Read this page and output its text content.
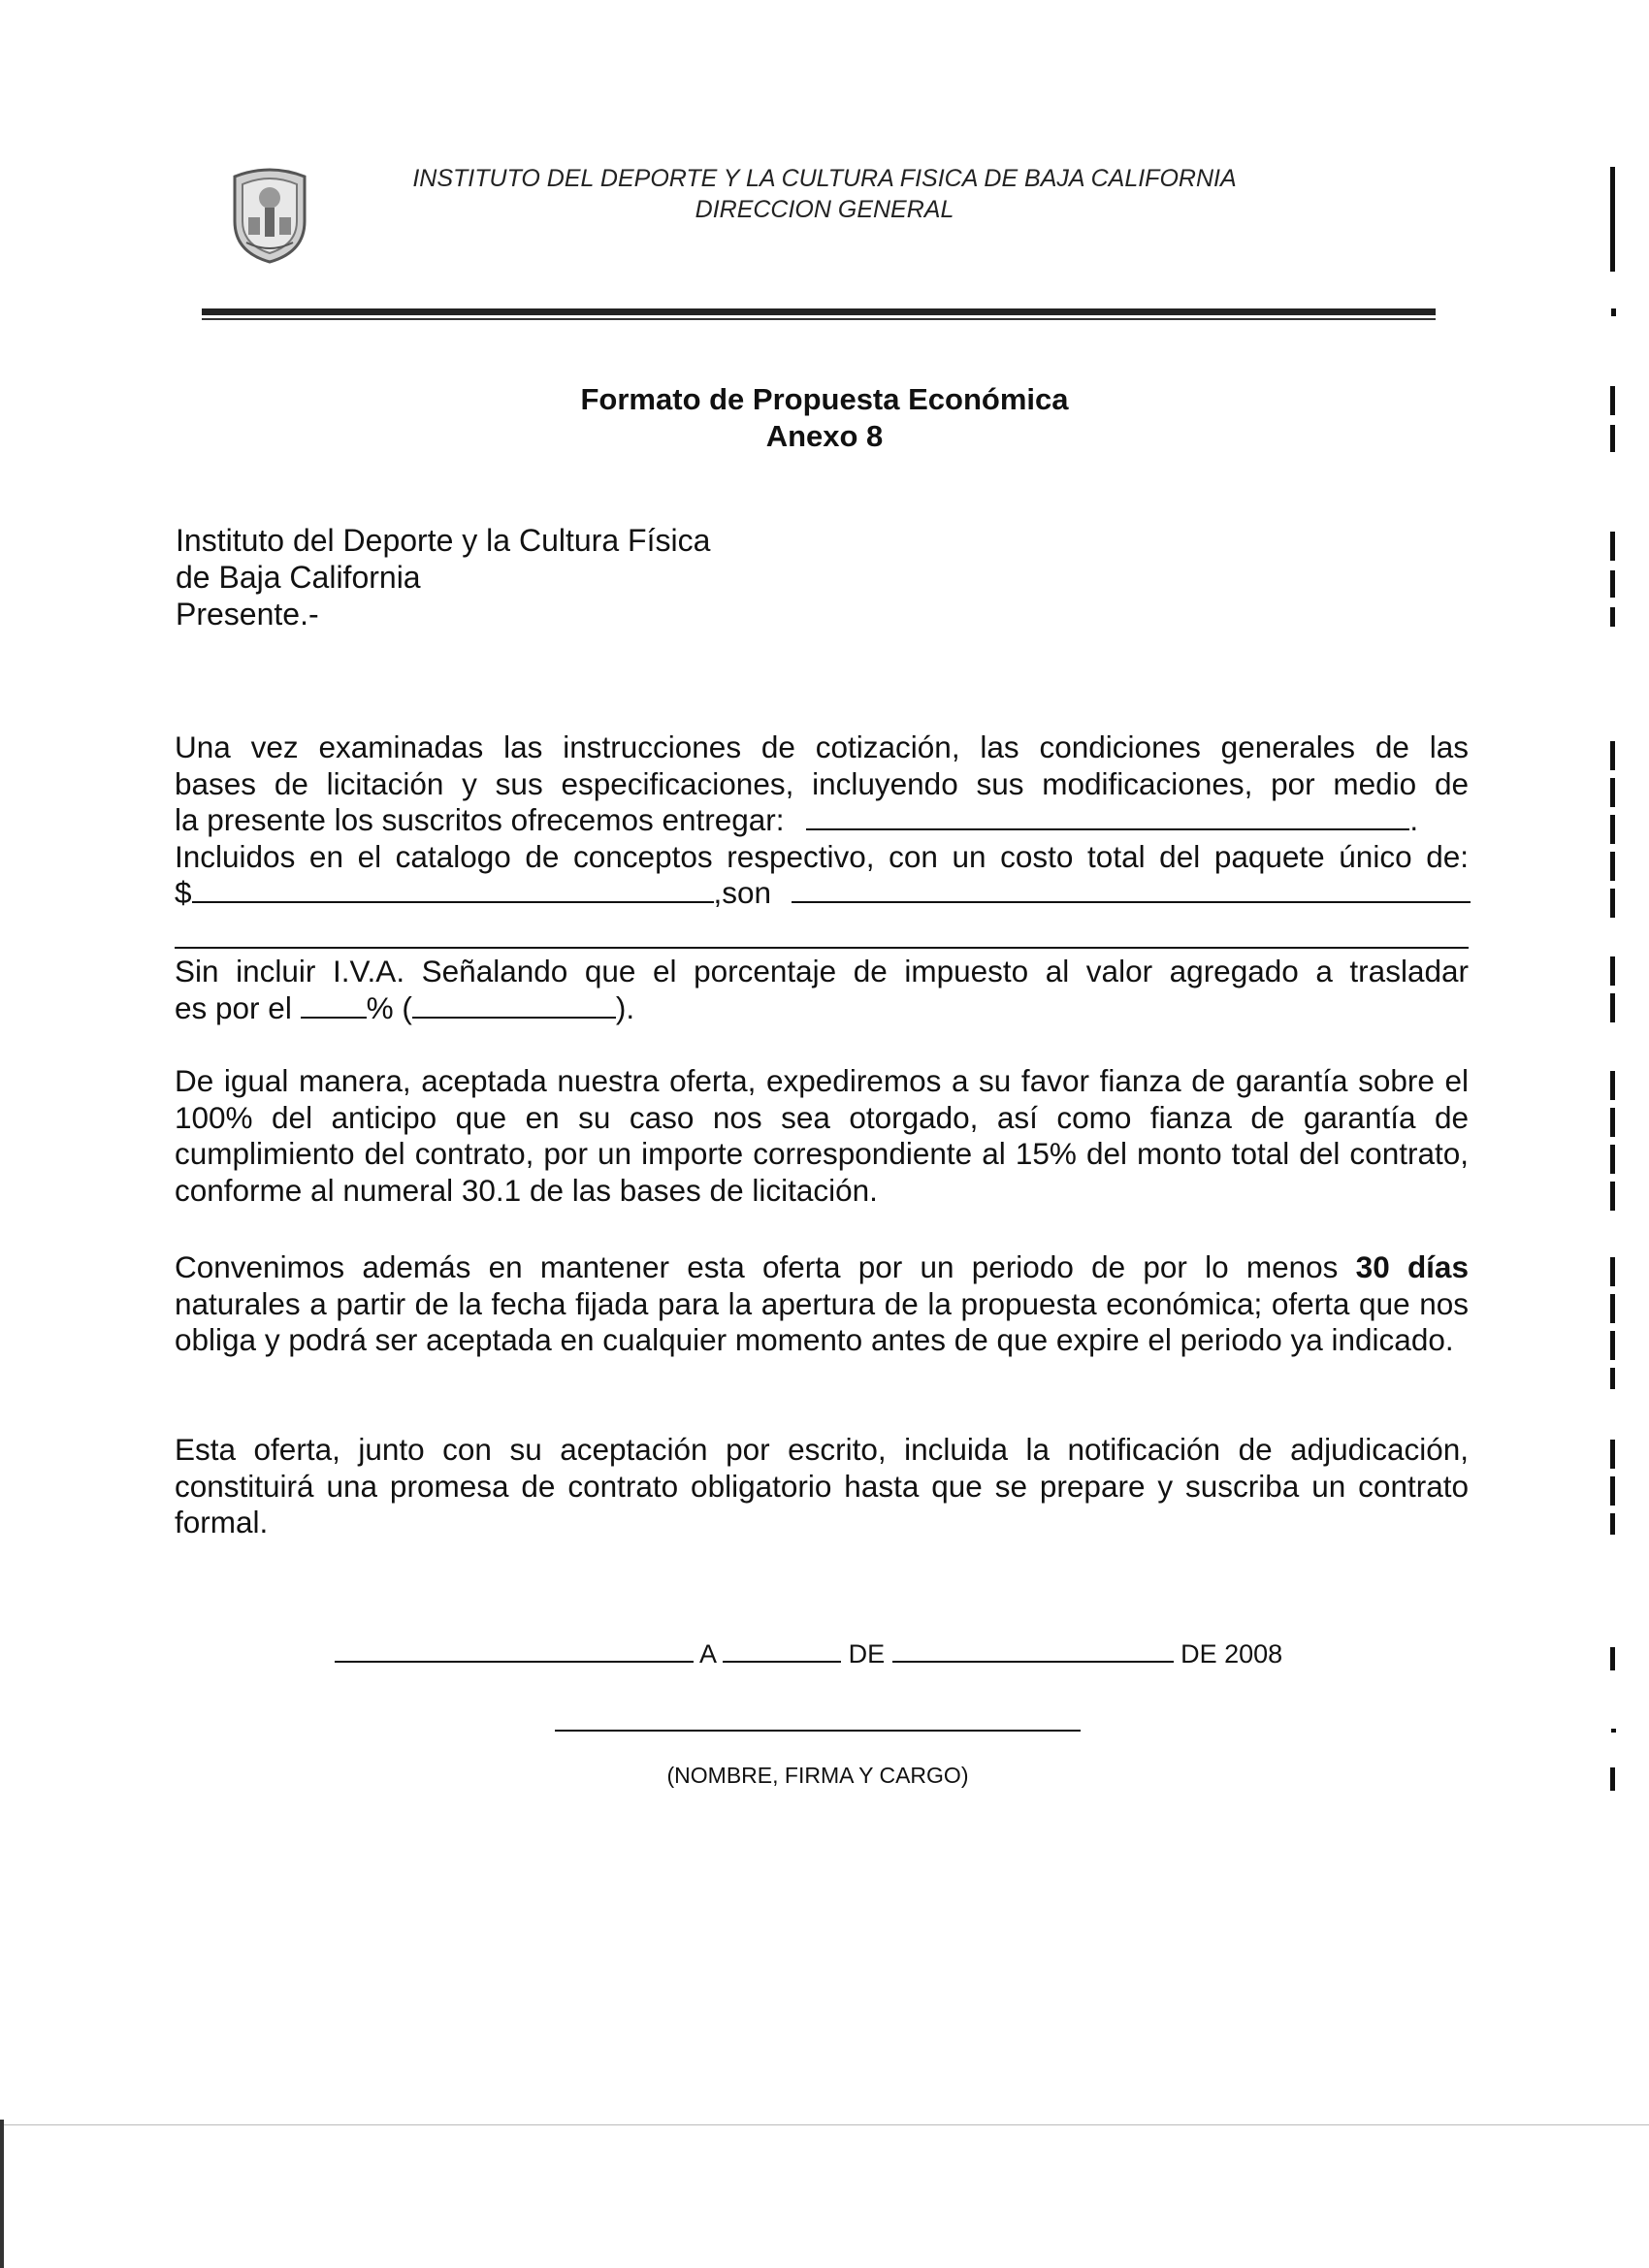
INSTITUTO DEL DEPORTE Y LA CULTURA FISICA DE BAJA CALIFORNIA
DIRECCION GENERAL
Formato de Propuesta Económica
Anexo 8
Instituto del Deporte y la Cultura Física
de Baja California
Presente.-
Una vez examinadas las instrucciones de cotización, las condiciones generales de las
bases de licitación y sus especificaciones, incluyendo sus modificaciones, por medio de
la presente los suscritos ofrecemos entregar:	.
Incluidos en el catalogo de conceptos respectivo, con un costo total del paquete único de:
$	,son
Sin incluir I.V.A. Señalando que el porcentaje de impuesto al valor agregado a trasladar
es por el % (	).
De igual manera, aceptada nuestra oferta, expediremos a su favor fianza de garantía sobre el 100% del anticipo que en su caso nos sea otorgado, así como fianza de garantía de cumplimiento del contrato, por un importe correspondiente al 15% del monto total del contrato, conforme al numeral 30.1 de las bases de licitación.
Convenimos además en mantener esta oferta por un periodo de por lo menos 30 días naturales a partir de la fecha fijada para la apertura de la propuesta económica; oferta que nos obliga y podrá ser aceptada en cualquier momento antes de que expire el periodo ya indicado.
Esta oferta, junto con su aceptación por escrito, incluida la notificación de adjudicación, constituirá una promesa de contrato obligatorio hasta que se prepare y suscriba un contrato formal.
A	DE	DE 2008
(NOMBRE, FIRMA Y CARGO)
